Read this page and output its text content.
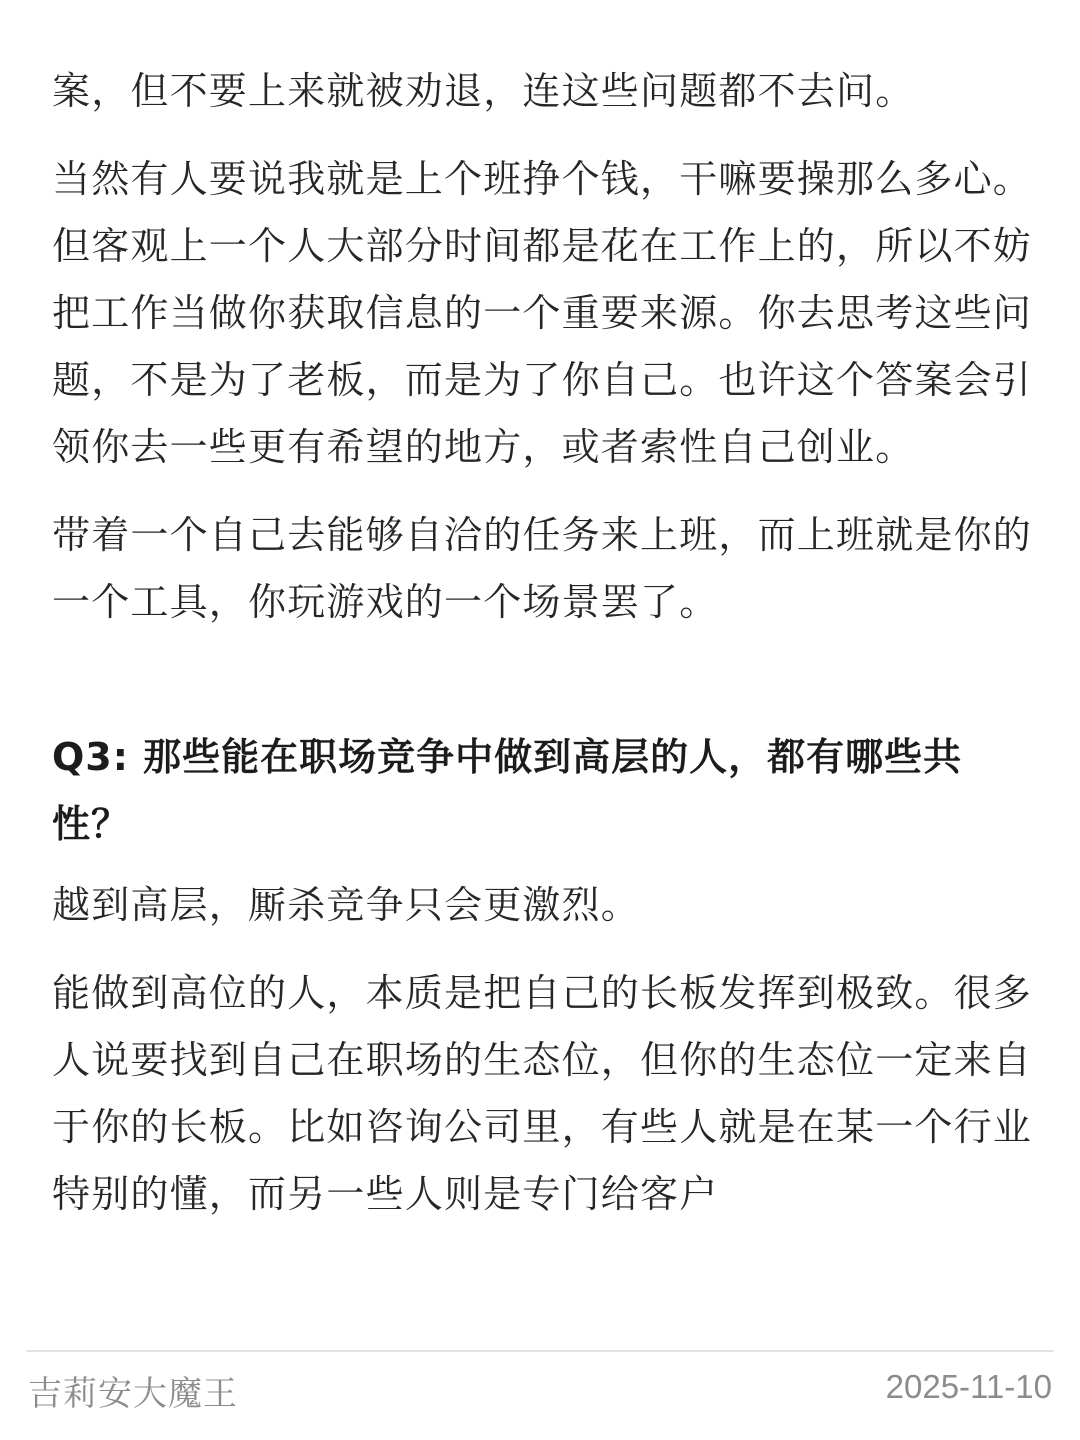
案，但不要上来就被劝退，连这些问题都不去问。

当然有人要说我就是上个班挣个钱，干嘛要操那么多心。但客观上一个人大部分时间都是花在工作上的，所以不妨把工作当做你获取信息的一个重要来源。你去思考这些问题，不是为了老板，而是为了你自己。也许这个答案会引领你去一些更有希望的地方，或者索性自己创业。

带着一个自己去能够自洽的任务来上班，而上班就是你的一个工具，你玩游戏的一个场景罢了。

Q3: 那些能在职场竞争中做到高层的人，都有哪些共性？

越到高层，厮杀竞争只会更激烈。

能做到高位的人，本质是把自己的长板发挥到极致。很多人说要找到自己在职场的生态位，但你的生态位一定来自于你的长板。比如咨询公司里，有些人就是在某一个行业特别的懂，而另一些人则是专门给客户

吉莉安大魔王	2025-11-10
